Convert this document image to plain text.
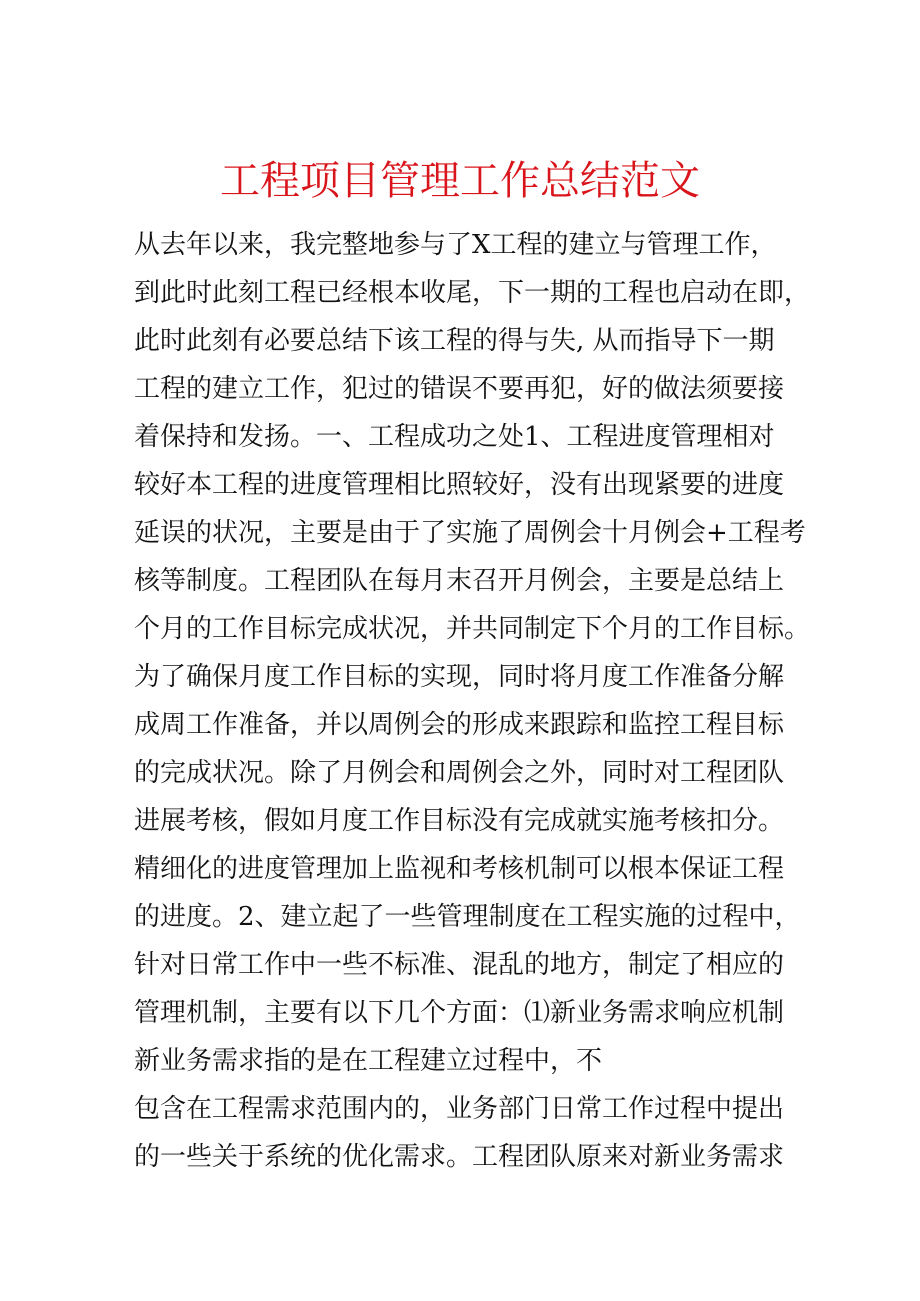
工程项目管理工作总结范文
从去年以来，我完整地参与了X工程的建立与管理工作，
到此时此刻工程已经根本收尾，下一期的工程也启动在即，
此时此刻有必要总结下该工程的得与失, 从而指导下一期
工程的建立工作，犯过的错误不要再犯，好的做法须要接
着保持和发扬。一、工程成功之处1、工程进度管理相对
较好本工程的进度管理相比照较好，没有出现紧要的进度
延误的状况，主要是由于了实施了周例会十月例会+工程考
核等制度。工程团队在每月末召开月例会，主要是总结上
个月的工作目标完成状况，并共同制定下个月的工作目标。
为了确保月度工作目标的实现，同时将月度工作准备分解
成周工作准备，并以周例会的形成来跟踪和监控工程目标
的完成状况。除了月例会和周例会之外，同时对工程团队
进展考核，假如月度工作目标没有完成就实施考核扣分。
精细化的进度管理加上监视和考核机制可以根本保证工程
的进度。2、建立起了一些管理制度在工程实施的过程中，
针对日常工作中一些不标准、混乱的地方，制定了相应的
管理机制，主要有以下几个方面：⑴新业务需求响应机制
新业务需求指的是在工程建立过程中，不
包含在工程需求范围内的，业务部门日常工作过程中提出
的一些关于系统的优化需求。工程团队原来对新业务需求
